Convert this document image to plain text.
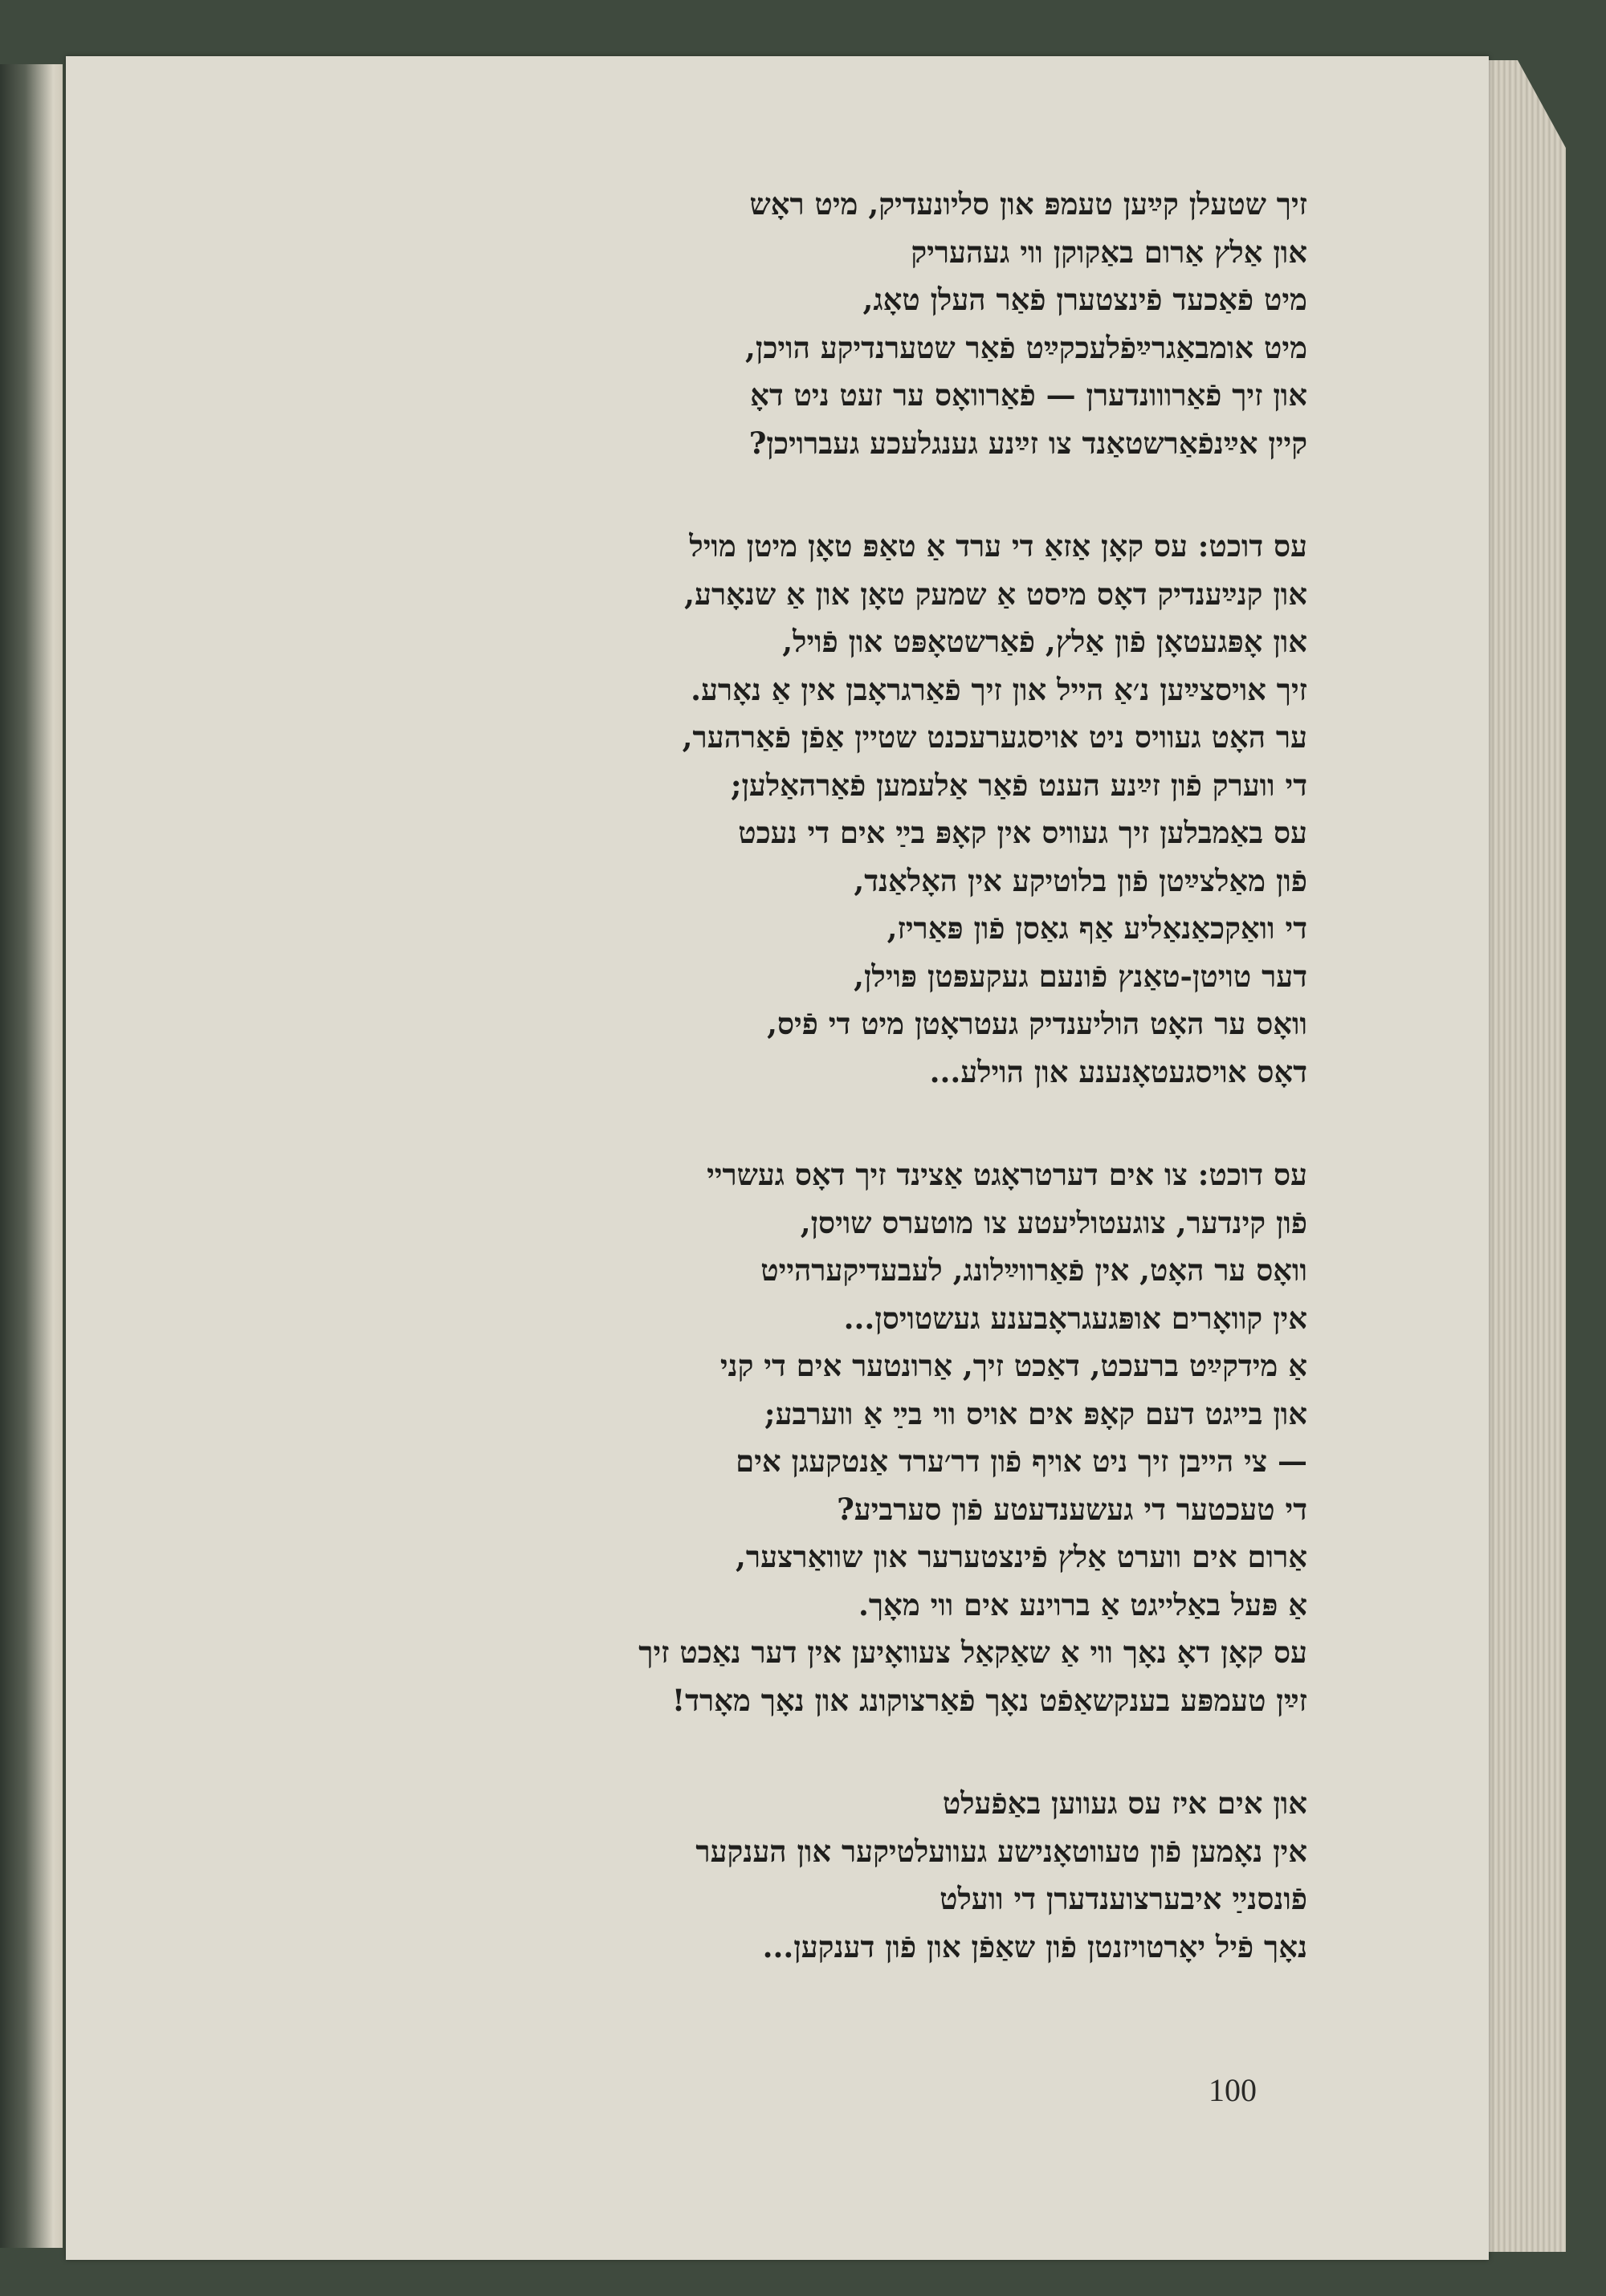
זיך שטעלן קײַען טעמפּ און סליונעדיק, מיט ראָש
און אַלץ אַרום באַקוקן ווי געהעריק
מיט פֿאַכעד פֿינצטערן פֿאַר העלן טאָג,
מיט אומבאַגרײַפֿלעכקײַט פֿאַר שטערנדיקע הויכן,
און זיך פֿאַרווונדערן — פֿאַרוואָס ער זעט ניט דאָ
קיין אײַנפֿאַרשטאַנד צו זײַנע גענגלעכע געברויכן?
עס דוכט: עס קאָן אַזאַ די ערד אַ טאַפּ טאָן מיטן מויל
און קנײַענדיק דאָס מיסט אַ שמעק טאָן און אַ שנאָרע,
און אָפּגעטאָן פֿון אַלץ, פֿאַרשטאָפּט און פֿויל,
זיך אויסצײַען נ׳אַ הייל און זיך פֿאַרגראָבן אין אַ נאָרע.
ער האָט געוויס ניט אויסגערעכנט שטיין אַפֿן פֿאַרהער,
די ווערק פֿון זײַנע הענט פֿאַר אַלעמען פֿאַרהאַלען;
עס באַמבלען זיך געוויס אין קאָפּ בײַ אים די נעכט
פֿון מאַלצײַטן פֿון בלוטיקע אין האָלאַנד,
די וואַקכאַנאַליע אַף גאַסן פֿון פּאַריז,
דער טויטן-טאַנץ פֿונעם געקעפּטן פּוילן,
וואָס ער האָט הוליענדיק געטראָטן מיט די פֿיס,
דאָס אויסגעטאָנענע און הוילע...
עס דוכט: צו אים דערטראָגט אַצינד זיך דאָס געשריי
פֿון קינדער, צוגעטוליעטע צו מוטערס שויסן,
וואָס ער האָט, אין פֿאַרווײַלונג, לעבעדיקערהייט
אין קוואָרים אופּגעגראָבענע געשטויסן...
אַ מידקײַט ברעכט, דאַכט זיך, אַרונטער אים די קני
און בייגט דעם קאָפּ אים אויס ווי בײַ אַ ווערבע;
— צי הייבן זיך ניט אויף פֿון דר׳ערד אַנטקעגן אים
די טעכטער די געשענדעטע פֿון סערביע?
אַרום אים ווערט אַלץ פֿינצטערער און שוואַרצער,
אַ פּעל באַלייגט אַ ברוינע אים ווי מאָך.
עס קאָן דאָ נאָך ווי אַ שאַקאַל צעוואָיען אין דער נאַכט זיך
זײַן טעמפּע בענקשאַפֿט נאָך פֿאַרצוקונג און נאָך מאָרד!
און אים איז עס געווען באַפֿעלט
אין נאָמען פֿון טעווטאָנישע געוועלטיקער און הענקער
פֿונסנײַ איבערצוענדערן די וועלט
נאָך פֿיל יאָרטויזנטן פֿון שאַפֿן און פֿון דענקען...
100
